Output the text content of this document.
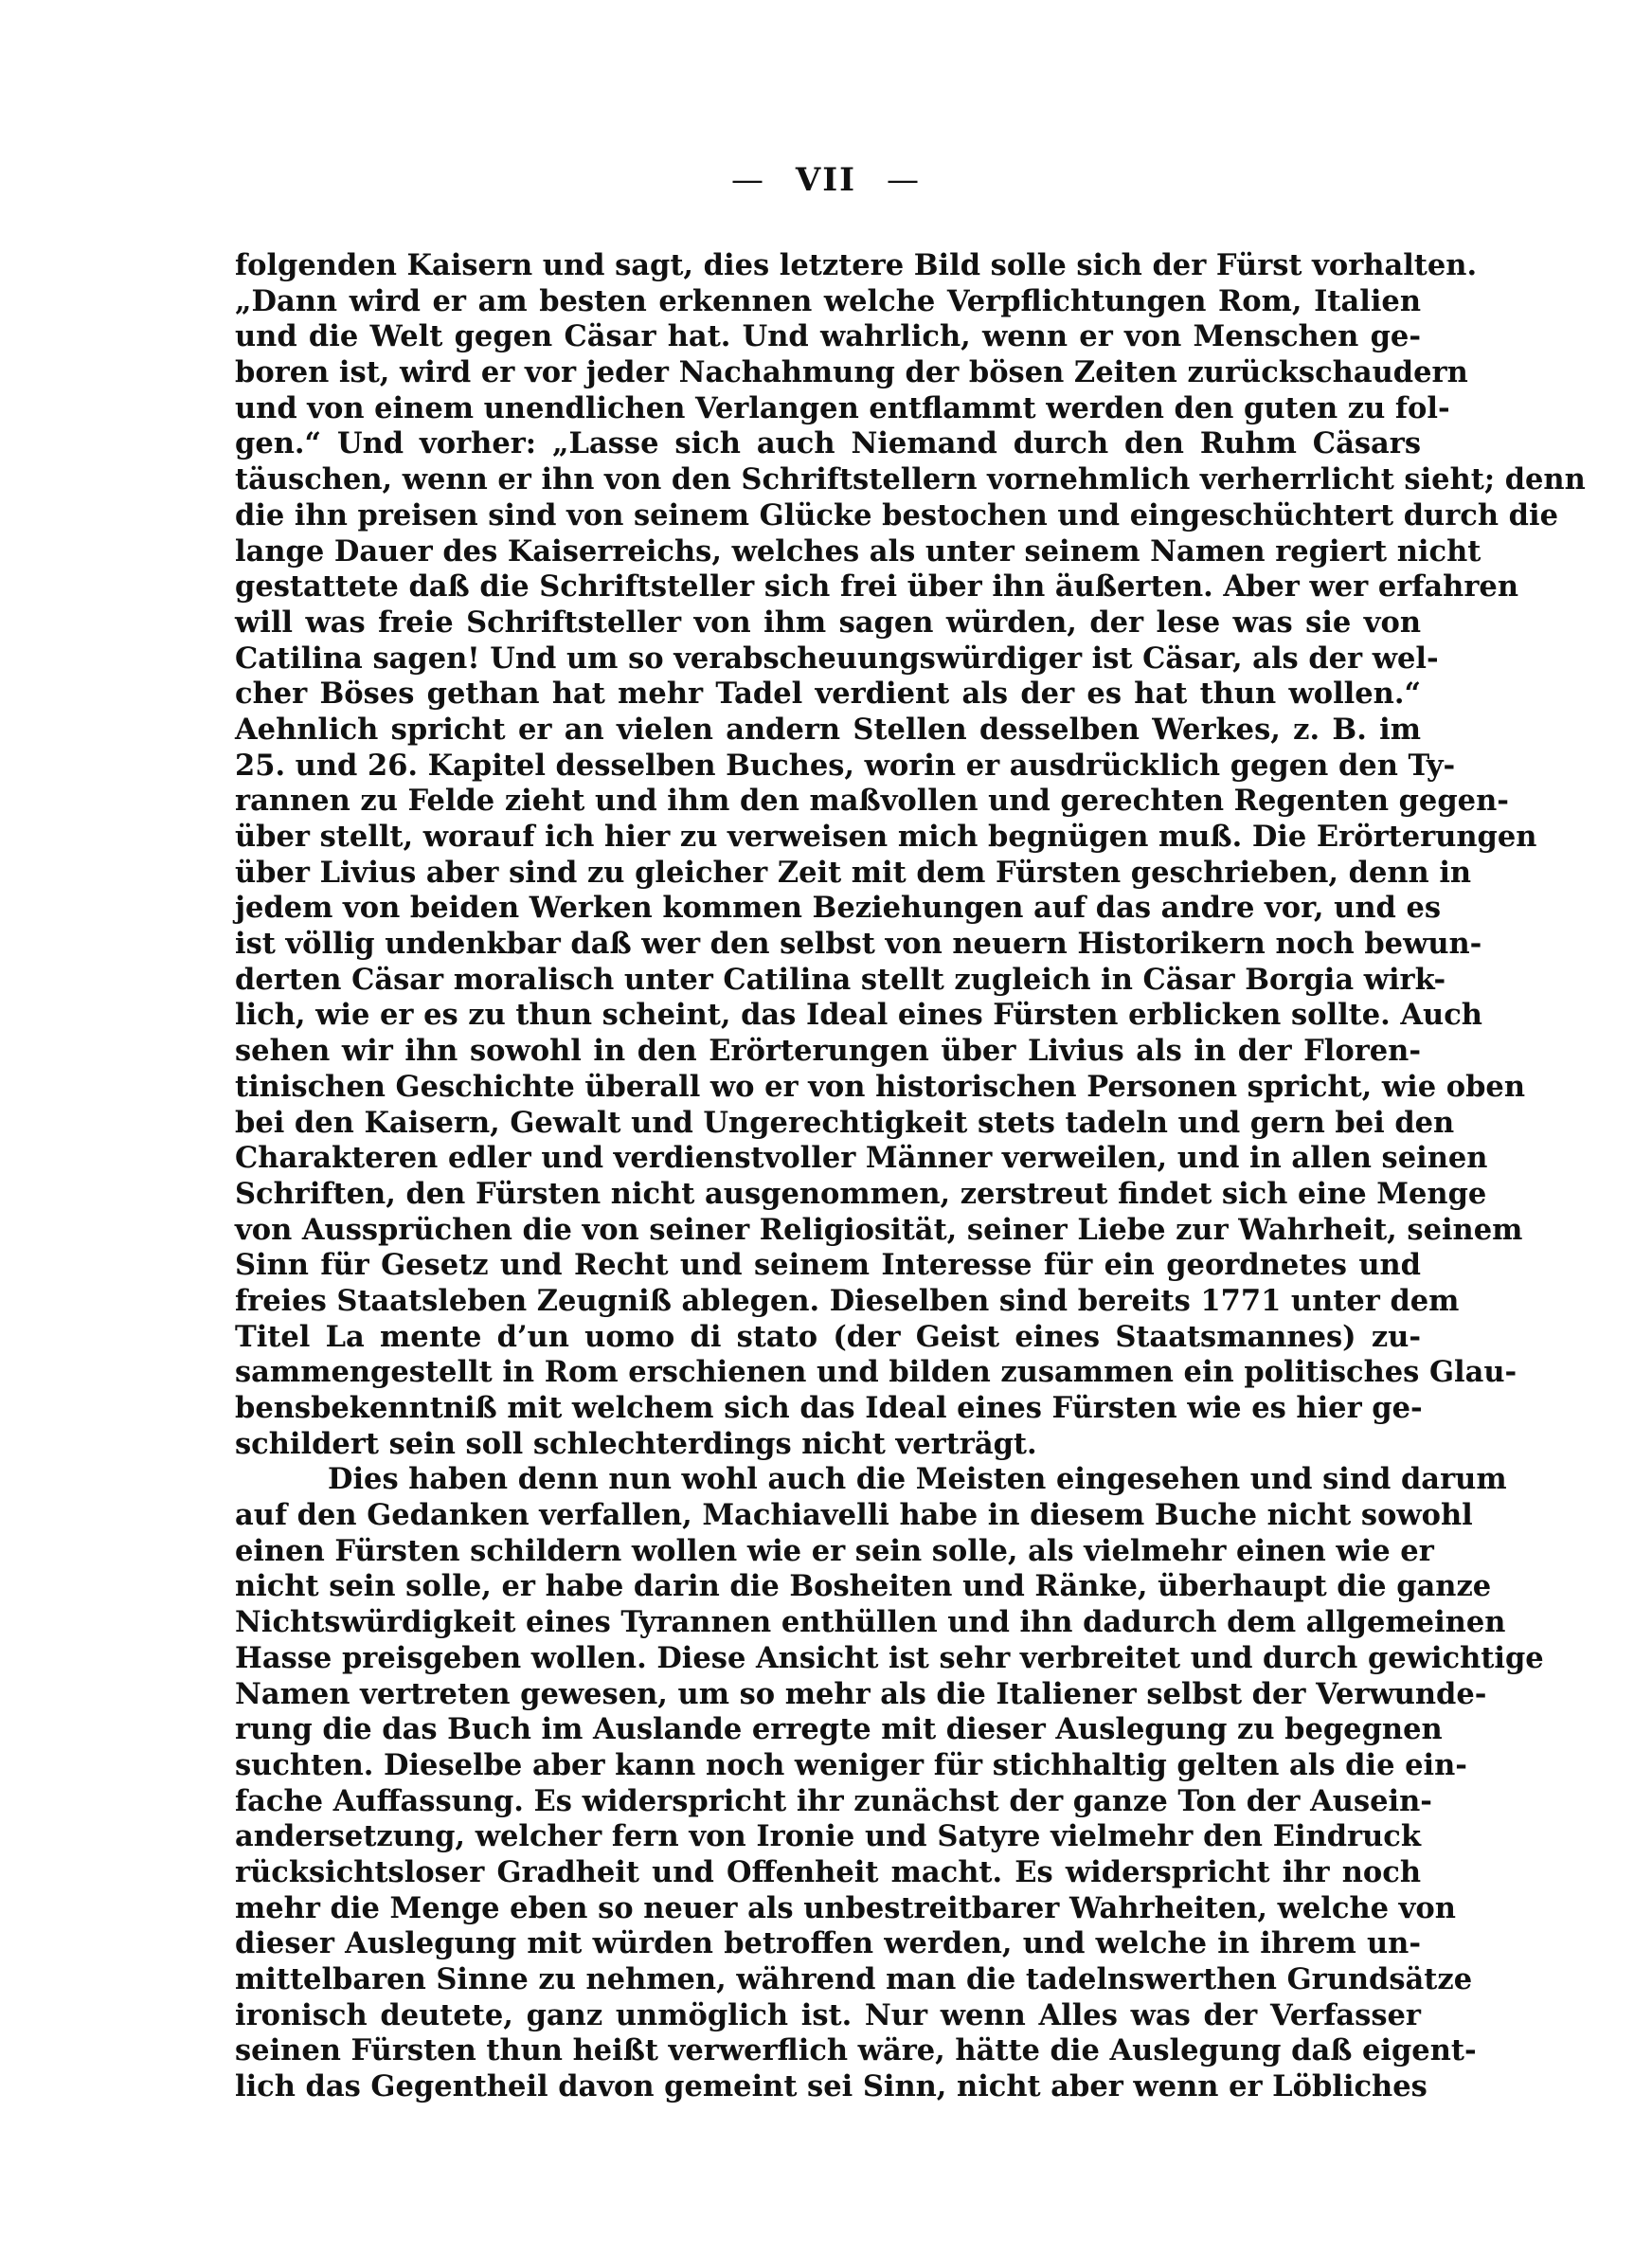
— VII —
folgenden Kaisern und sagt, dies letztere Bild solle sich der Fürst vorhalten.
„Dann wird er am besten erkennen welche Verpflichtungen Rom, Italien
und die Welt gegen Cäsar hat. Und wahrlich, wenn er von Menschen ge-
boren ist, wird er vor jeder Nachahmung der bösen Zeiten zurückschaudern
und von einem unendlichen Verlangen entflammt werden den guten zu fol-
gen.“ Und vorher: „Lasse sich auch Niemand durch den Ruhm Cäsars
täuschen, wenn er ihn von den Schriftstellern vornehmlich verherrlicht sieht; denn
die ihn preisen sind von seinem Glücke bestochen und eingeschüchtert durch die
lange Dauer des Kaiserreichs, welches als unter seinem Namen regiert nicht
gestattete daß die Schriftsteller sich frei über ihn äußerten. Aber wer erfahren
will was freie Schriftsteller von ihm sagen würden, der lese was sie von
Catilina sagen! Und um so verabscheuungswürdiger ist Cäsar, als der wel-
cher Böses gethan hat mehr Tadel verdient als der es hat thun wollen.“
Aehnlich spricht er an vielen andern Stellen desselben Werkes, z. B. im
25. und 26. Kapitel desselben Buches, worin er ausdrücklich gegen den Ty-
rannen zu Felde zieht und ihm den maßvollen und gerechten Regenten gegen-
über stellt, worauf ich hier zu verweisen mich begnügen muß. Die Erörterungen
über Livius aber sind zu gleicher Zeit mit dem Fürsten geschrieben, denn in
jedem von beiden Werken kommen Beziehungen auf das andre vor, und es
ist völlig undenkbar daß wer den selbst von neuern Historikern noch bewun-
derten Cäsar moralisch unter Catilina stellt zugleich in Cäsar Borgia wirk-
lich, wie er es zu thun scheint, das Ideal eines Fürsten erblicken sollte. Auch
sehen wir ihn sowohl in den Erörterungen über Livius als in der Floren-
tinischen Geschichte überall wo er von historischen Personen spricht, wie oben
bei den Kaisern, Gewalt und Ungerechtigkeit stets tadeln und gern bei den
Charakteren edler und verdienstvoller Männer verweilen, und in allen seinen
Schriften, den Fürsten nicht ausgenommen, zerstreut findet sich eine Menge
von Aussprüchen die von seiner Religiosität, seiner Liebe zur Wahrheit, seinem
Sinn für Gesetz und Recht und seinem Interesse für ein geordnetes und
freies Staatsleben Zeugniß ablegen. Dieselben sind bereits 1771 unter dem
Titel La mente d’un uomo di stato (der Geist eines Staatsmannes) zu-
sammengestellt in Rom erschienen und bilden zusammen ein politisches Glau-
bensbekenntniß mit welchem sich das Ideal eines Fürsten wie es hier ge-
schildert sein soll schlechterdings nicht verträgt.
Dies haben denn nun wohl auch die Meisten eingesehen und sind darum
auf den Gedanken verfallen, Machiavelli habe in diesem Buche nicht sowohl
einen Fürsten schildern wollen wie er sein solle, als vielmehr einen wie er
nicht sein solle, er habe darin die Bosheiten und Ränke, überhaupt die ganze
Nichtswürdigkeit eines Tyrannen enthüllen und ihn dadurch dem allgemeinen
Hasse preisgeben wollen. Diese Ansicht ist sehr verbreitet und durch gewichtige
Namen vertreten gewesen, um so mehr als die Italiener selbst der Verwunde-
rung die das Buch im Auslande erregte mit dieser Auslegung zu begegnen
suchten. Dieselbe aber kann noch weniger für stichhaltig gelten als die ein-
fache Auffassung. Es widerspricht ihr zunächst der ganze Ton der Ausein-
andersetzung, welcher fern von Ironie und Satyre vielmehr den Eindruck
rücksichtsloser Gradheit und Offenheit macht. Es widerspricht ihr noch
mehr die Menge eben so neuer als unbestreitbarer Wahrheiten, welche von
dieser Auslegung mit würden betroffen werden, und welche in ihrem un-
mittelbaren Sinne zu nehmen, während man die tadelnswerthen Grundsätze
ironisch deutete, ganz unmöglich ist. Nur wenn Alles was der Verfasser
seinen Fürsten thun heißt verwerflich wäre, hätte die Auslegung daß eigent-
lich das Gegentheil davon gemeint sei Sinn, nicht aber wenn er Löbliches
